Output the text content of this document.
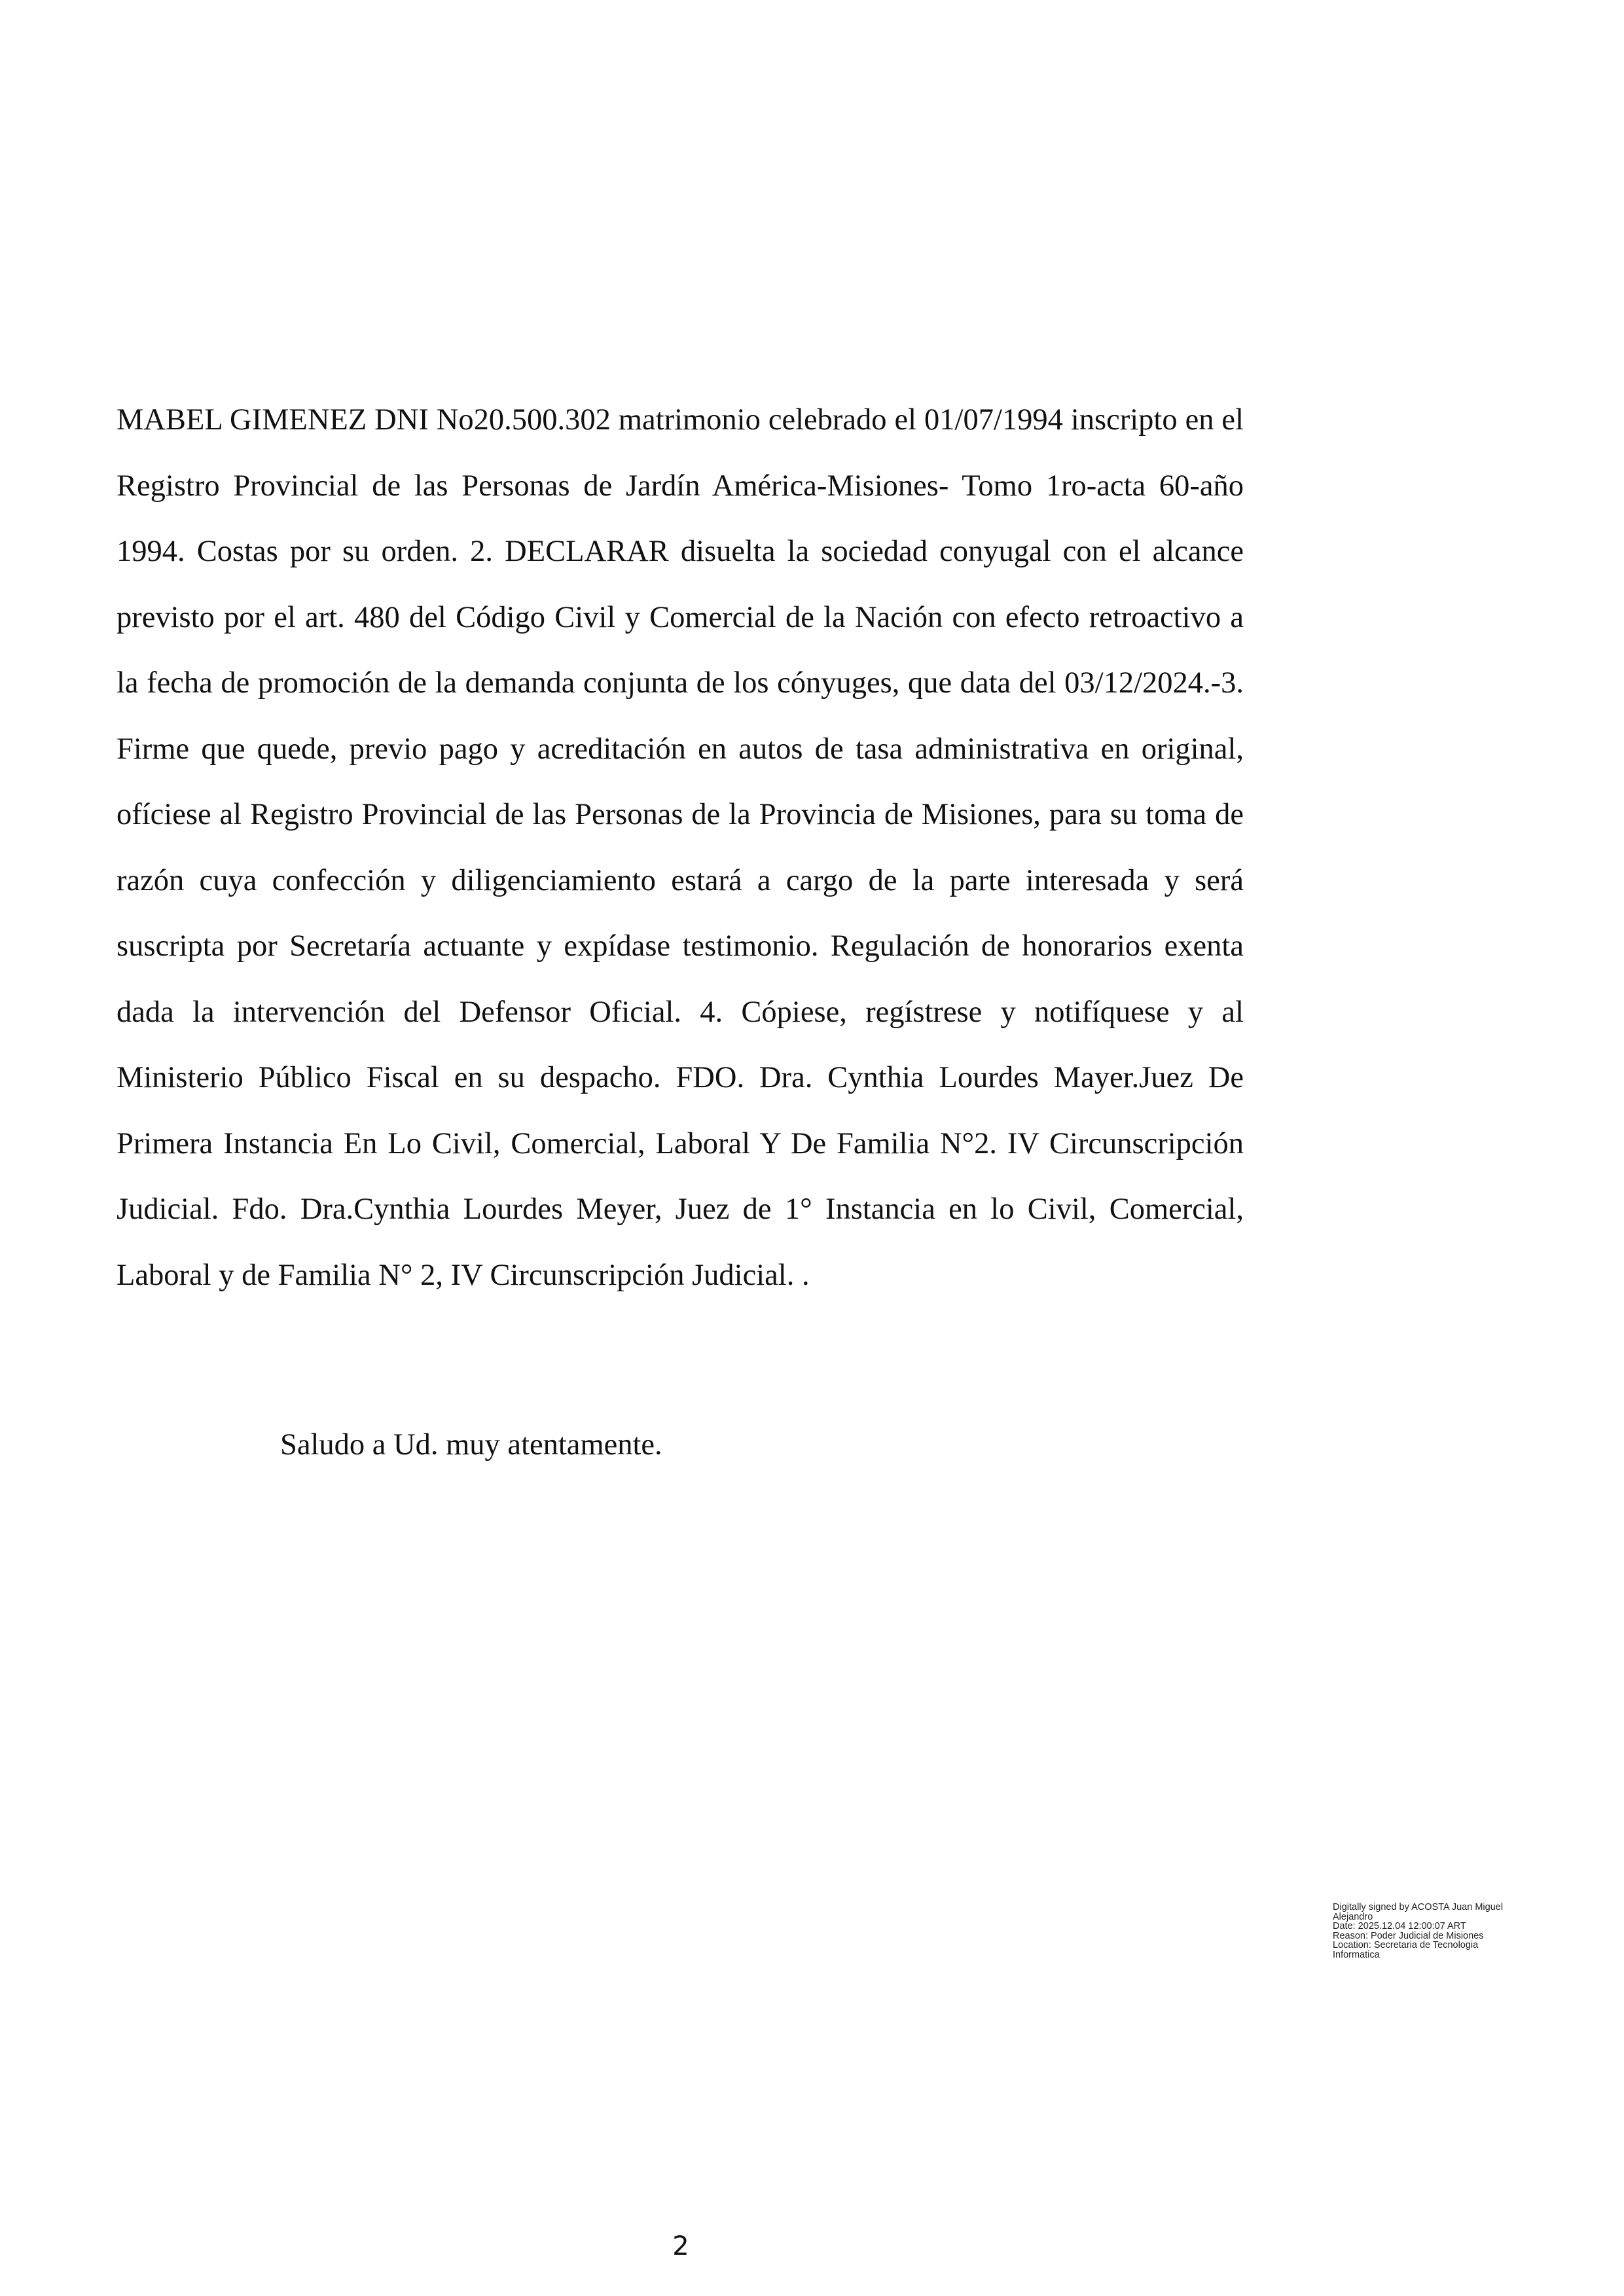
MABEL GIMENEZ DNI No20.500.302 matrimonio celebrado el 01/07/1994 inscripto en el Registro Provincial de las Personas de Jardín América-Misiones- Tomo 1ro-acta 60-año 1994. Costas por su orden. 2. DECLARAR disuelta la sociedad conyugal con el alcance previsto por el art. 480 del Código Civil y Comercial de la Nación con efecto retroactivo a la fecha de promoción de la demanda conjunta de los cónyuges, que data del 03/12/2024.-3. Firme que quede, previo pago y acreditación en autos de tasa administrativa en original, ofíciese al Registro Provincial de las Personas de la Provincia de Misiones, para su toma de razón cuya confección y diligenciamiento estará a cargo de la parte interesada y será suscripta por Secretaría actuante y expídase testimonio. Regulación de honorarios exenta dada la intervención del Defensor Oficial. 4. Cópiese, regístrese y notifíquese y al Ministerio Público Fiscal en su despacho. FDO. Dra. Cynthia Lourdes Mayer.Juez De Primera Instancia En Lo Civil, Comercial, Laboral Y De Familia N°2. IV Circunscripción Judicial. Fdo. Dra.Cynthia Lourdes Meyer, Juez de 1° Instancia en lo Civil, Comercial, Laboral y de Familia N° 2, IV Circunscripción Judicial. .

Saludo a Ud. muy atentamente.

Digitally signed by ACOSTA Juan Miguel
Alejandro
Date: 2025.12.04 12:00:07 ART
Reason: Poder Judicial de Misiones
Location: Secretaria de Tecnologia
Informatica
2
